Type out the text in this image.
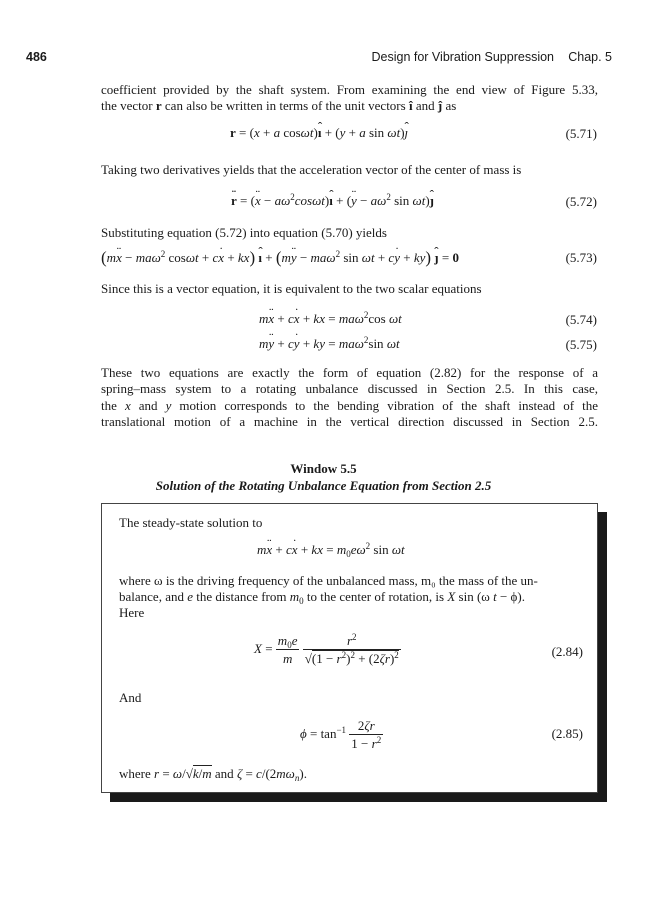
486	Design for Vibration Suppression Chap. 5
coefficient provided by the shaft system. From examining the end view of Figure 5.33,
the vector r can also be written in terms of the unit vectors î and ĵ as
r = (x + a cosωt)ˆ ı + (y + a sin ωt)ˆ ȷ	(5.71)
Taking two derivatives yields that the acceleration vector of the center of mass is
¨ r = (¨ $x - a\omega^2\cos\omega t)ˆ$ ı + (¨ $y - a\omega^2$ sin ωt)ˆ ȷ	(5.72)
Substituting equation (5.72) into equation (5.70) yields
(m¨ x − maω$^2$ cosωt + c˙ x + kx) ˆ ı + (m¨ y − maω$^2$ sin ωt + c˙ y + ky) ˆ ȷ = 0	(5.73)
Since this is a vector equation, it is equivalent to the two scalar equations
m¨ x + c˙ x + kx = maω$^2$cos ωt	(5.74)
m¨ y + c˙ y + ky = maω$^2$sin ωt	(5.75)
These two equations are exactly the form of equation (2.82) for the response of a
spring–mass system to a rotating unbalance discussed in Section 2.5. In this case,
the x and y motion corresponds to the bending vibration of the shaft instead of the
translational motion of a machine in the vertical direction discussed in Section 2.5.
Window 5.5
Solution of the Rotating Unbalance Equation from Section 2.5
The steady-state solution to
m¨ x + c˙ x + kx = $m_0e\omega^2$ sin ωt
where ω is the driving frequency of the unbalanced mass, m₀ the mass of the un-
balance, and e the distance from $m_0$ to the center of rotation, is X sin (ω t − ϕ).
Here
$X = \frac{m_0e}{m}$
$\frac{r^2}{√(1 - r^2)^2 + (2\zeta r)^2}$	(2.84)
And
$\phi = \tan^{-1} \frac{2\zeta r}{1 - r^2}$	(2.85)
where r = ω/√k/m and $\zeta = c/(2m\omega_n)$.
